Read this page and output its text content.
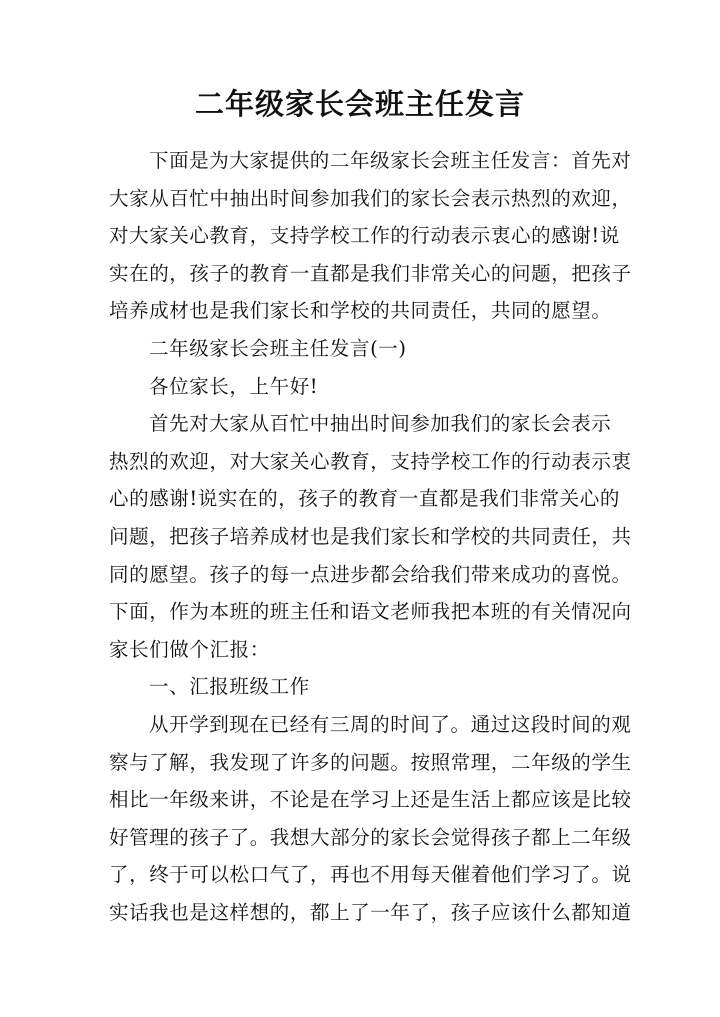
二年级家长会班主任发言
下面是为大家提供的二年级家长会班主任发言：首先对
大家从百忙中抽出时间参加我们的家长会表示热烈的欢迎，
对大家关心教育，支持学校工作的行动表示衷心的感谢!说
实在的，孩子的教育一直都是我们非常关心的问题，把孩子
培养成材也是我们家长和学校的共同责任，共同的愿望。
二年级家长会班主任发言(一)
各位家长，上午好!
首先对大家从百忙中抽出时间参加我们的家长会表示
热烈的欢迎，对大家关心教育，支持学校工作的行动表示衷
心的感谢!说实在的，孩子的教育一直都是我们非常关心的
问题，把孩子培养成材也是我们家长和学校的共同责任，共
同的愿望。孩子的每一点进步都会给我们带来成功的喜悦。
下面，作为本班的班主任和语文老师我把本班的有关情况向
家长们做个汇报：
一、汇报班级工作
从开学到现在已经有三周的时间了。通过这段时间的观
察与了解，我发现了许多的问题。按照常理，二年级的学生
相比一年级来讲，不论是在学习上还是生活上都应该是比较
好管理的孩子了。我想大部分的家长会觉得孩子都上二年级
了，终于可以松口气了，再也不用每天催着他们学习了。说
实话我也是这样想的，都上了一年了，孩子应该什么都知道
